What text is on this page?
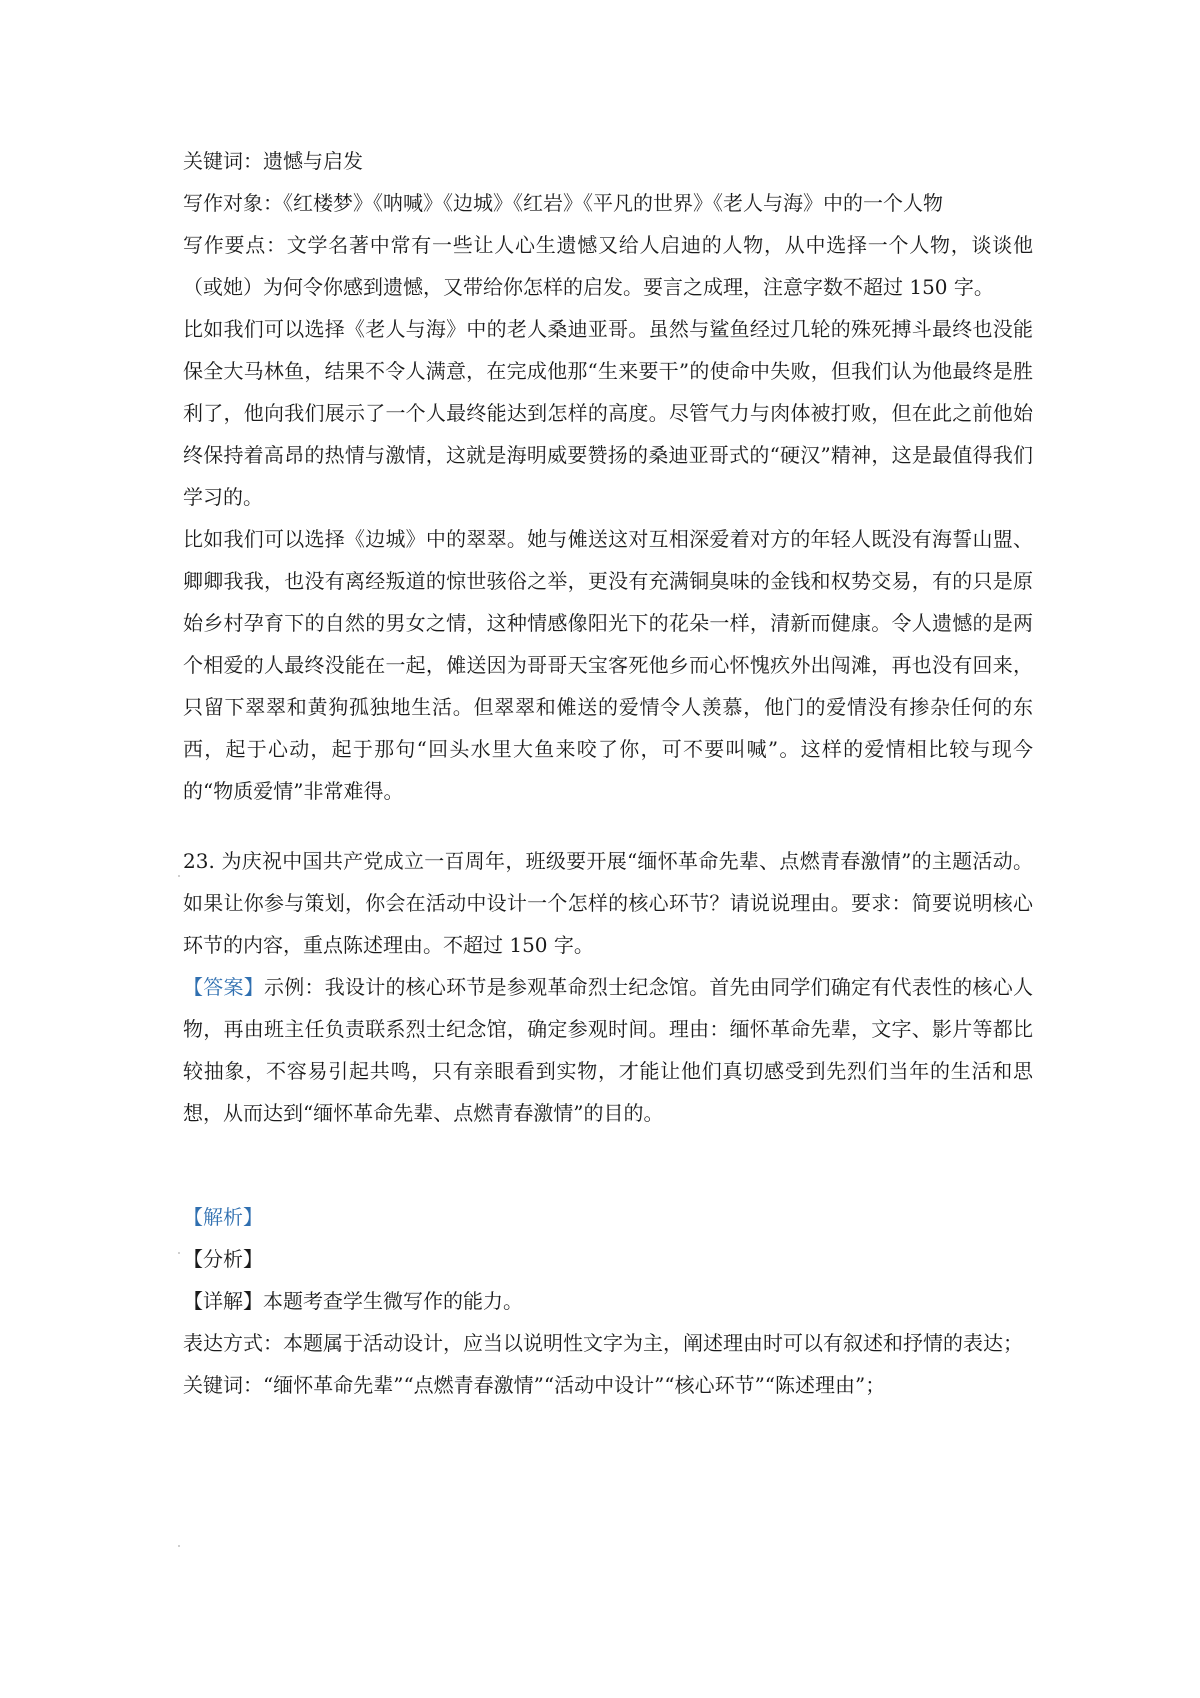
关键词：遗憾与启发

写作对象：《红楼梦》《呐喊》《边城》《红岩》《平凡的世界》《老人与海》中的一个人物

写作要点：文学名著中常有一些让人心生遗憾又给人启迪的人物，从中选择一个人物，谈谈他（或她）为何令你感到遗憾，又带给你怎样的启发。要言之成理，注意字数不超过 150 字。

比如我们可以选择《老人与海》中的老人桑迪亚哥。虽然与鲨鱼经过几轮的殊死搏斗最终也没能保全大马林鱼，结果不令人满意，在完成他那“生来要干”的使命中失败，但我们认为他最终是胜利了，他向我们展示了一个人最终能达到怎样的高度。尽管气力与肉体被打败，但在此之前他始终保持着高昂的热情与激情，这就是海明威要赞扬的桑迪亚哥式的“硬汉”精神，这是最值得我们学习的。

比如我们可以选择《边城》中的翠翠。她与傩送这对互相深爱着对方的年轻人既没有海誓山盟、卿卿我我，也没有离经叛道的惊世骇俗之举，更没有充满铜臭味的金钱和权势交易，有的只是原始乡村孕育下的自然的男女之情，这种情感像阳光下的花朵一样，清新而健康。令人遗憾的是两个相爱的人最终没能在一起，傩送因为哥哥天宝客死他乡而心怀愧疚外出闯滩，再也没有回来，只留下翠翠和黄狗孤独地生活。但翠翠和傩送的爱情令人羡慕，他门的爱情没有掺杂任何的东西，起于心动，起于那句“回头水里大鱼来咬了你，可不要叫喊”。这样的爱情相比较与现今的“物质爱情”非常难得。

23. 为庆祝中国共产党成立一百周年，班级要开展“缅怀革命先辈、点燃青春激情”的主题活动。如果让你参与策划，你会在活动中设计一个怎样的核心环节？请说说理由。要求：简要说明核心环节的内容，重点陈述理由。不超过 150 字。

【答案】示例：我设计的核心环节是参观革命烈士纪念馆。首先由同学们确定有代表性的核心人物，再由班主任负责联系烈士纪念馆，确定参观时间。理由：缅怀革命先辈，文字、影片等都比较抽象，不容易引起共鸣，只有亲眼看到实物，才能让他们真切感受到先烈们当年的生活和思想，从而达到“缅怀革命先辈、点燃青春激情”的目的。

【解析】

【分析】

【详解】本题考查学生微写作的能力。

表达方式：本题属于活动设计，应当以说明性文字为主，阐述理由时可以有叙述和抒情的表达；

关键词：“缅怀革命先辈”“点燃青春激情”“活动中设计”“核心环节”“陈述理由”；
